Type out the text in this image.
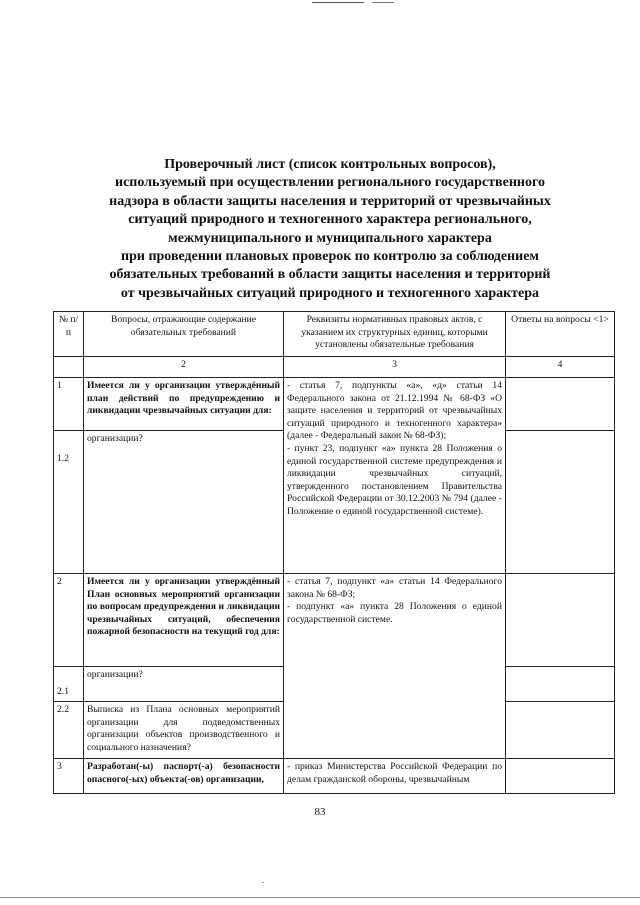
Проверочный лист (список контрольных вопросов),
используемый при осуществлении регионального государственного
надзора в области защиты населения и территорий от чрезвычайных
ситуаций природного и техногенного характера регионального,
межмуниципального и муниципального характера
при проведении плановых проверок по контролю за соблюдением
обязательных требований в области защиты населения и территорий
от чрезвычайных ситуаций природного и техногенного характера
№ п/п	Вопросы, отражающие содержание обязательных требований	Реквизиты нормативных правовых актов, с указанием их структурных единиц, которыми установлены обязательные требования	Ответы на вопросы <1>
	2	3	4
1	Имеется ли у организации утверждённый план действий по предупреждению и ликвидации чрезвычайных ситуации для:	- статья 7, подпункты «а», «д» статьи 14 Федерального закона от 21.12.1994 № 68-ФЗ «О защите населения и территорий от чрезвычайных ситуаций природного и техногенного характера» (далее - Федеральный закон № 68-ФЗ);
- пункт 23, подпункт «а» пункта 28 Положения о единой государственной системе предупреждения и ликвидации чрезвычайных ситуаций, утвержденного постановлением Правительства Российской Федерации от 30.12.2003 № 794 (далее - Положение о единой государственной системе).	

1.2	организации?		
2	Имеется ли у организации утверждённый План основных мероприятий организации по вопросам предупреждения и ликвидации чрезвычайных ситуаций, обеспечения пожарной безопасности на текущий год для:	- статья 7, подпункт «а» статьи 14 Федерального закона № 68-ФЗ;
- подпункт «а» пункта 28 Положения о единой государственной системе.	

2.1	организации?		
2.2	Выписка из Плана основных мероприятий организации для подведомственных организации объектов производственного и социального назначения?		
3	Разработан(-ы) паспорт(-а) безопасности опасного(-ых) объекта(-ов) организации,	- приказ Министерства Российской Федерации по делам гражданской обороны, чрезвычайным	
83
